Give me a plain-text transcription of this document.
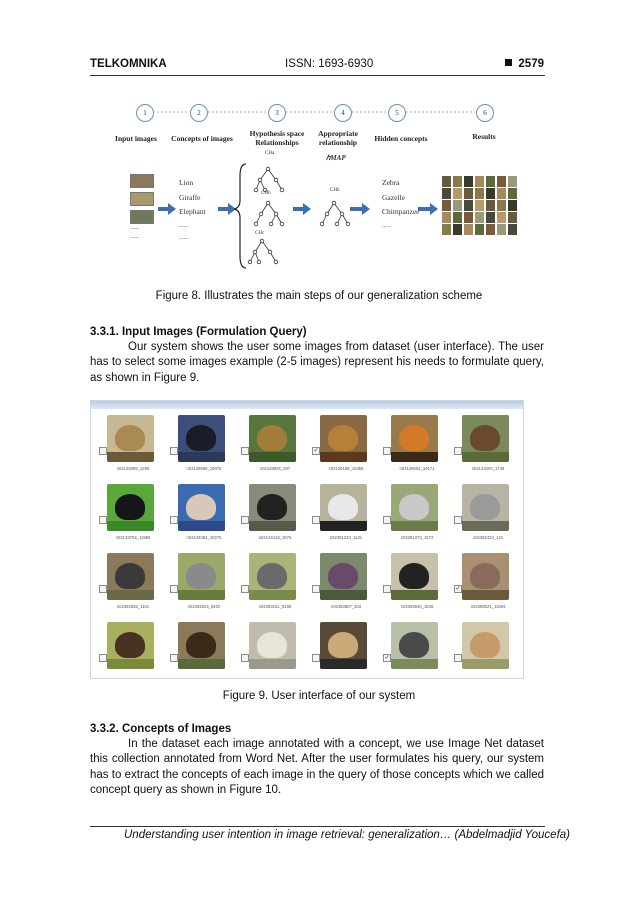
TELKOMNIKA	ISSN: 1693-6930	2579
1	2	3	4	5	6
Input images	Concepts of images
Hypothesis space Relationships
Appropriate relationship	Hidden concepts	Results
ℎMAP
......
......
Lion
Giraffe
Elephant
......
......
CHa
CHb
CHc
CHb
Zebra
Gazelle
Chimpanzee
......
Figure 8. Illustrates the main steps of our generalization scheme
3.3.1. Input Images (Formulation Query)

Our system shows the user some images from dataset (user interface). The user has to select some images example (2-5 images) represent his needs to formulate query, as shown in Figure 9.

n02128385_1296	n02128669_10076	n02128925_287
✓
n02129165_10455	n02129604_10171	n02133400_1748
n02133704_11868	n02134084_10275	n02134418_1575	n02391234_1131	n02391373_1572	n02392434_121
n02392555_1101	n02392824_6402	n02393161_5198	n02393807_303	n02393940_1648
✓
n02398521_11694
✓
Figure 9. User interface of our system
3.3.2. Concepts of Images

In the dataset each image annotated with a concept, we use Image Net dataset this collection annotated from Word Net. After the user formulates his query, our system has to extract the concepts of each image in the query of those concepts which we called concept query as shown in Figure 10.

Understanding user intention in image retrieval: generalization… (Abdelmadjid Youcefa)
